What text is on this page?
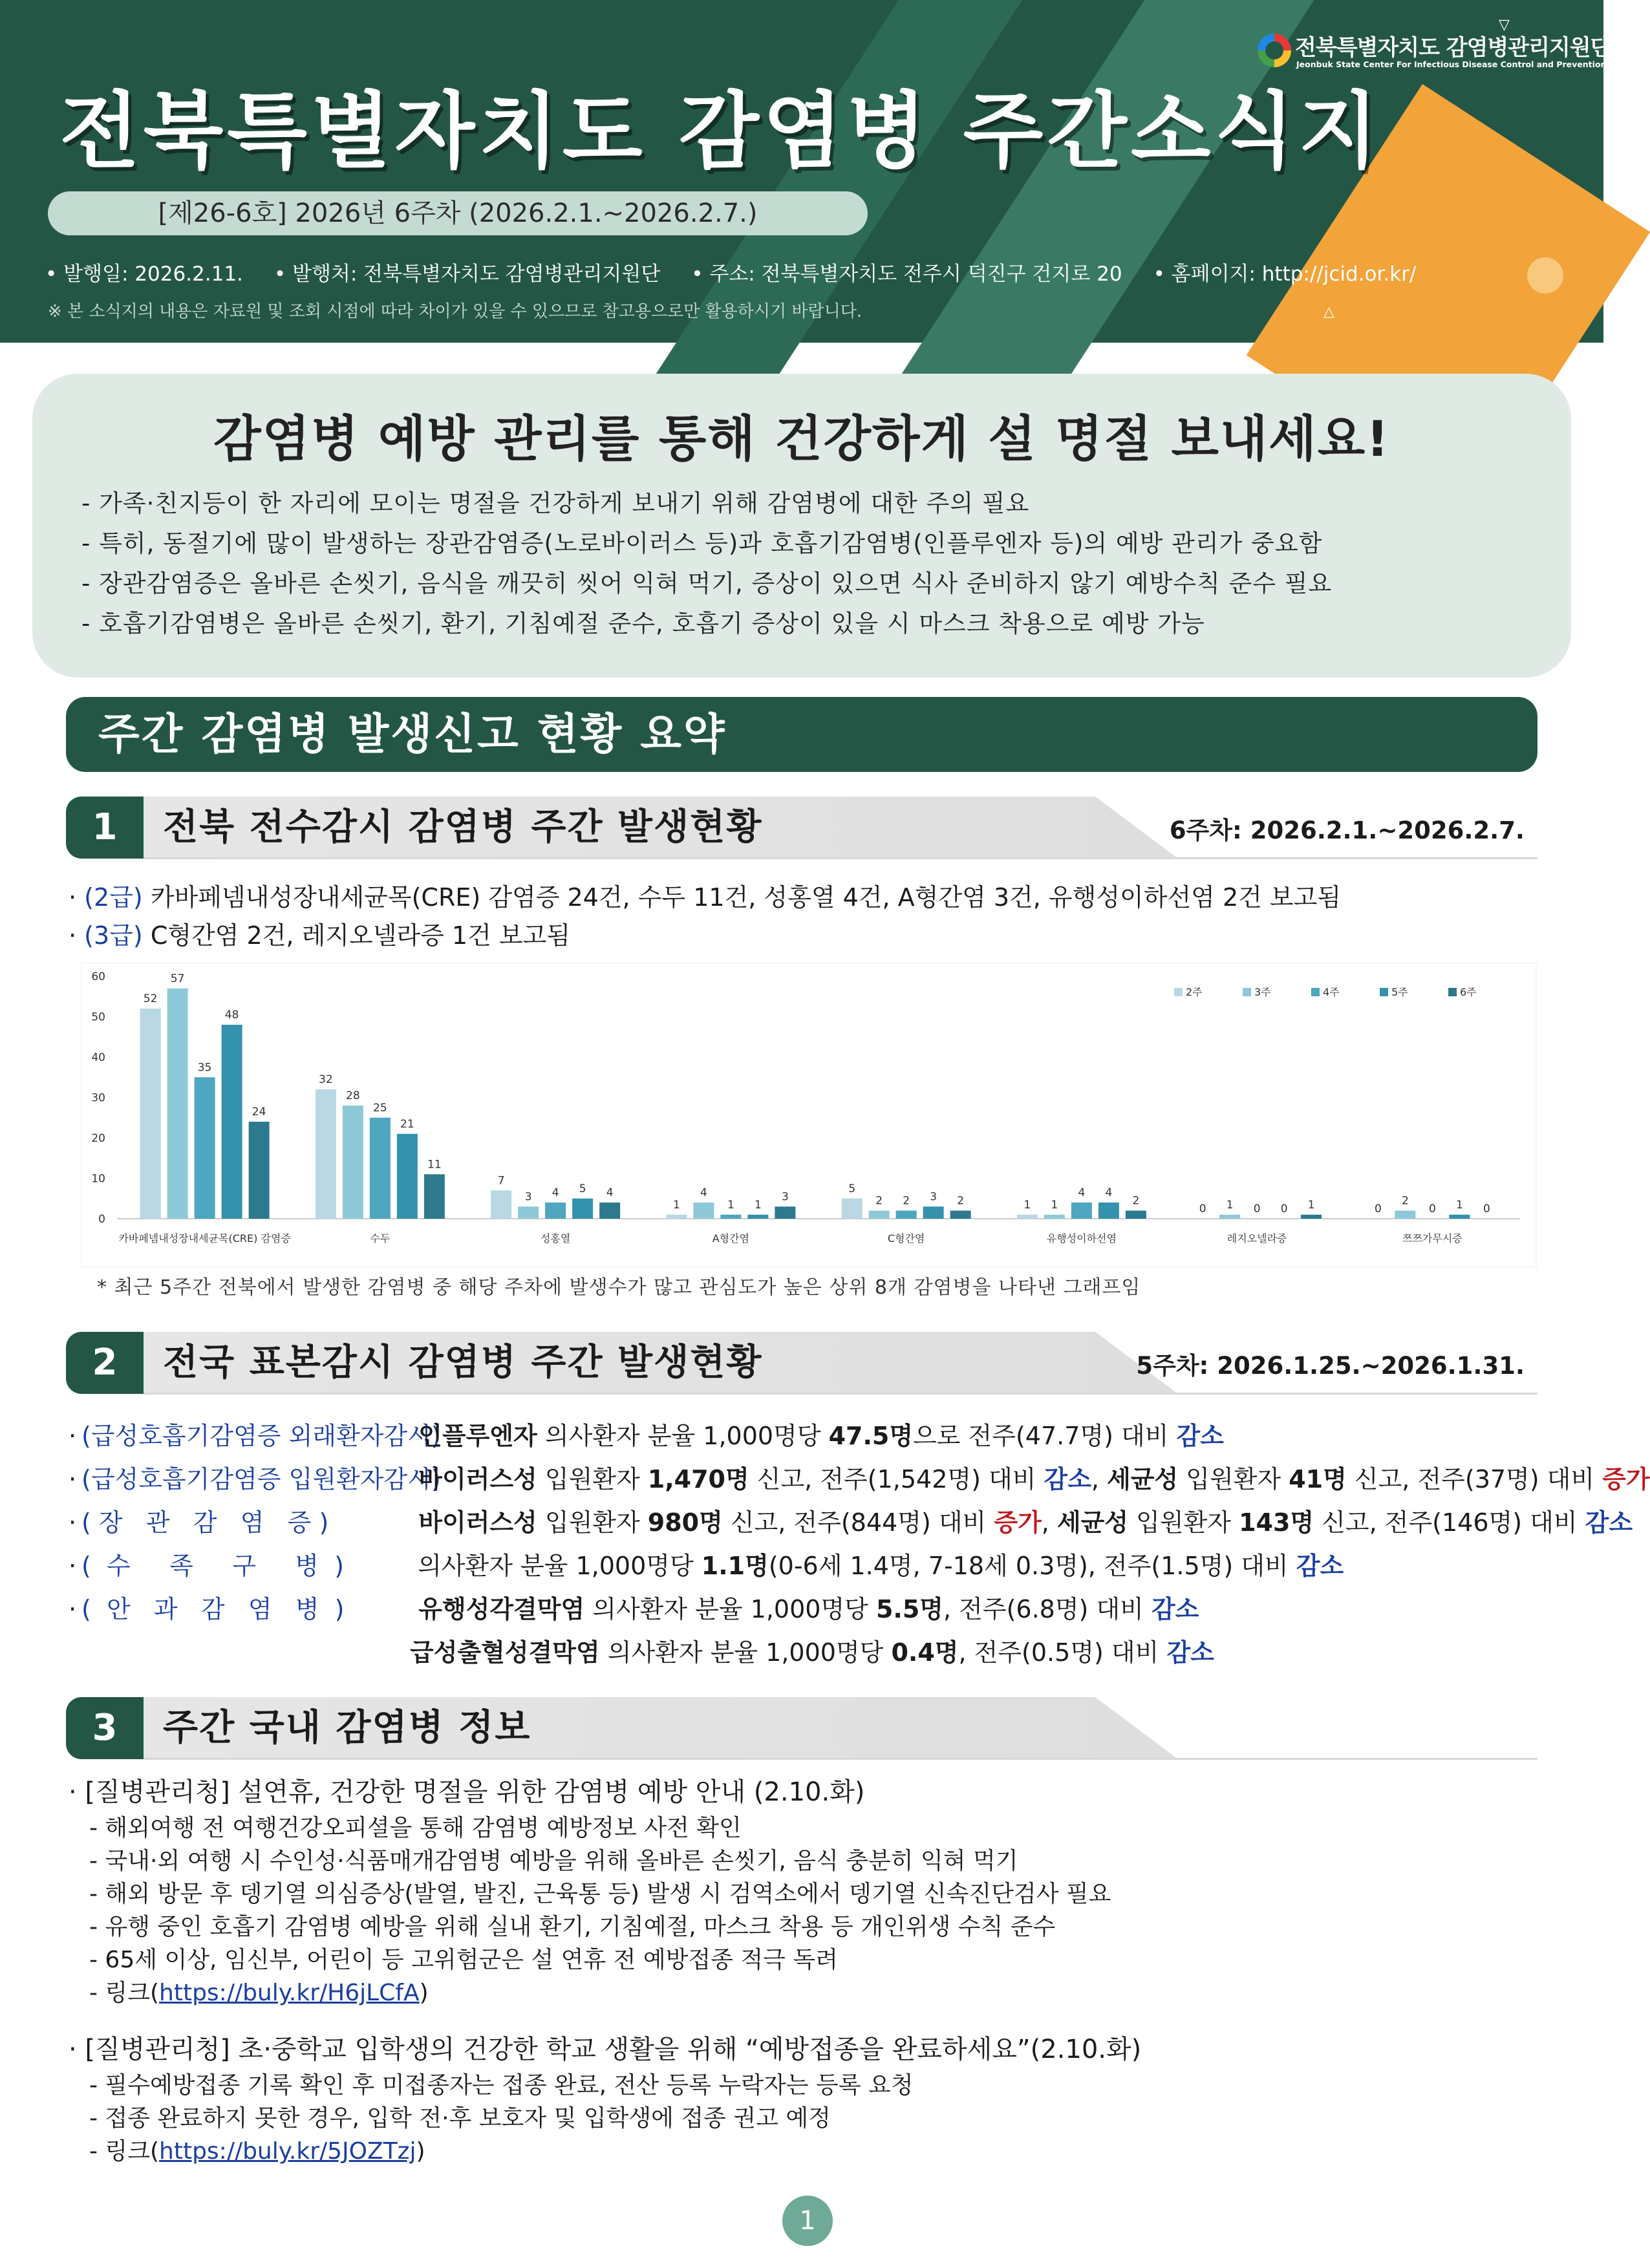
▽
△
전북특별자치도 감염병관리지원단
Jeonbuk State Center For Infectious Disease Control and Prevention
전북특별자치도 감염병 주간소식지
[제26-6호] 2026년 6주차 (2026.2.1.~2026.2.7.)
• 발행일: 2026.2.11. • 발행처: 전북특별자치도 감염병관리지원단 • 주소: 전북특별자치도 전주시 덕진구 건지로 20 • 홈페이지: http://jcid.or.kr/
※ 본 소식지의 내용은 자료원 및 조회 시점에 따라 차이가 있을 수 있으므로 참고용으로만 활용하시기 바랍니다.
감염병 예방 관리를 통해 건강하게 설 명절 보내세요!
- 가족·친지등이 한 자리에 모이는 명절을 건강하게 보내기 위해 감염병에 대한 주의 필요
- 특히, 동절기에 많이 발생하는 장관감염증(노로바이러스 등)과 호흡기감염병(인플루엔자 등)의 예방 관리가 중요함
- 장관감염증은 올바른 손씻기, 음식을 깨끗히 씻어 익혀 먹기, 증상이 있으면 식사 준비하지 않기 예방수칙 준수 필요
- 호흡기감염병은 올바른 손씻기, 환기, 기침예절 준수, 호흡기 증상이 있을 시 마스크 착용으로 예방 가능
주간 감염병 발생신고 현황 요약
1	전북 전수감시 감염병 주간 발생현황	6주차: 2026.2.1.~2026.2.7.
· (2급) 카바페넴내성장내세균목(CRE) 감염증 24건, 수두 11건, 성홍열 4건, A형간염 3건, 유행성이하선염 2건 보고됨
· (3급) C형간염 2건, 레지오넬라증 1건 보고됨
0
10
20
30
40
50
60
52
57
35
48
24
카바페넴내성장내세균목(CRE) 감염증
32
28
25
21
11
수두
7
3 4 5 4
성홍열
1
4
1 1
3
A형간염
5
2 2 3 2
C형간염
1 1
4 4
2
유행성이하선염
0 1 0 0 1
레지오넬라증
0
2
0 1 0
쯔쯔가무시증
2주	3주	4주	5주	6주
* 최근 5주간 전북에서 발생한 감염병 중 해당 주차에 발생수가 많고 관심도가 높은 상위 8개 감염병을 나타낸 그래프임
2	전국 표본감시 감염병 주간 발생현황	5주차: 2026.1.25.~2026.1.31.
·(급성호흡기감염증 외래환자감시) 인플루엔자 의사환자 분율 1,000명당 47.5명으로 전주(47.7명) 대비 감소
·(급성호흡기감염증 입원환자감시) 바이러스성 입원환자 1,470명 신고, 전주(1,542명) 대비 감소, 세균성 입원환자 41명 신고, 전주(37명) 대비 증가
·( 장   관   감   염   증 )	바이러스성 입원환자 980명 신고, 전주(844명) 대비 증가, 세균성 입원환자 143명 신고, 전주(146명) 대비 감소
·(  수     족     구     병  )	의사환자 분율 1,000명당 1.1명(0-6세 1.4명, 7-18세 0.3명), 전주(1.5명) 대비 감소
·(  안   과   감   염   병  )	유행성각결막염 의사환자 분율 1,000명당 5.5명, 전주(6.8명) 대비 감소
급성출혈성결막염 의사환자 분율 1,000명당 0.4명, 전주(0.5명) 대비 감소
3	주간 국내 감염병 정보
· [질병관리청] 설연휴, 건강한 명절을 위한 감염병 예방 안내 (2.10.화)
- 해외여행 전 여행건강오피셜을 통해 감염병 예방정보 사전 확인
- 국내·외 여행 시 수인성·식품매개감염병 예방을 위해 올바른 손씻기, 음식 충분히 익혀 먹기
- 해외 방문 후 뎅기열 의심증상(발열, 발진, 근육통 등) 발생 시 검역소에서 뎅기열 신속진단검사 필요
- 유행 중인 호흡기 감염병 예방을 위해 실내 환기, 기침예절, 마스크 착용 등 개인위생 수칙 준수
- 65세 이상, 임신부, 어린이 등 고위험군은 설 연휴 전 예방접종 적극 독려
- 링크(https://buly.kr/H6jLCfA)
· [질병관리청] 초·중학교 입학생의 건강한 학교 생활을 위해 “예방접종을 완료하세요”(2.10.화)
- 필수예방접종 기록 확인 후 미접종자는 접종 완료, 전산 등록 누락자는 등록 요청
- 접종 완료하지 못한 경우, 입학 전·후 보호자 및 입학생에 접종 권고 예정
- 링크(https://buly.kr/5JOZTzj)
1
